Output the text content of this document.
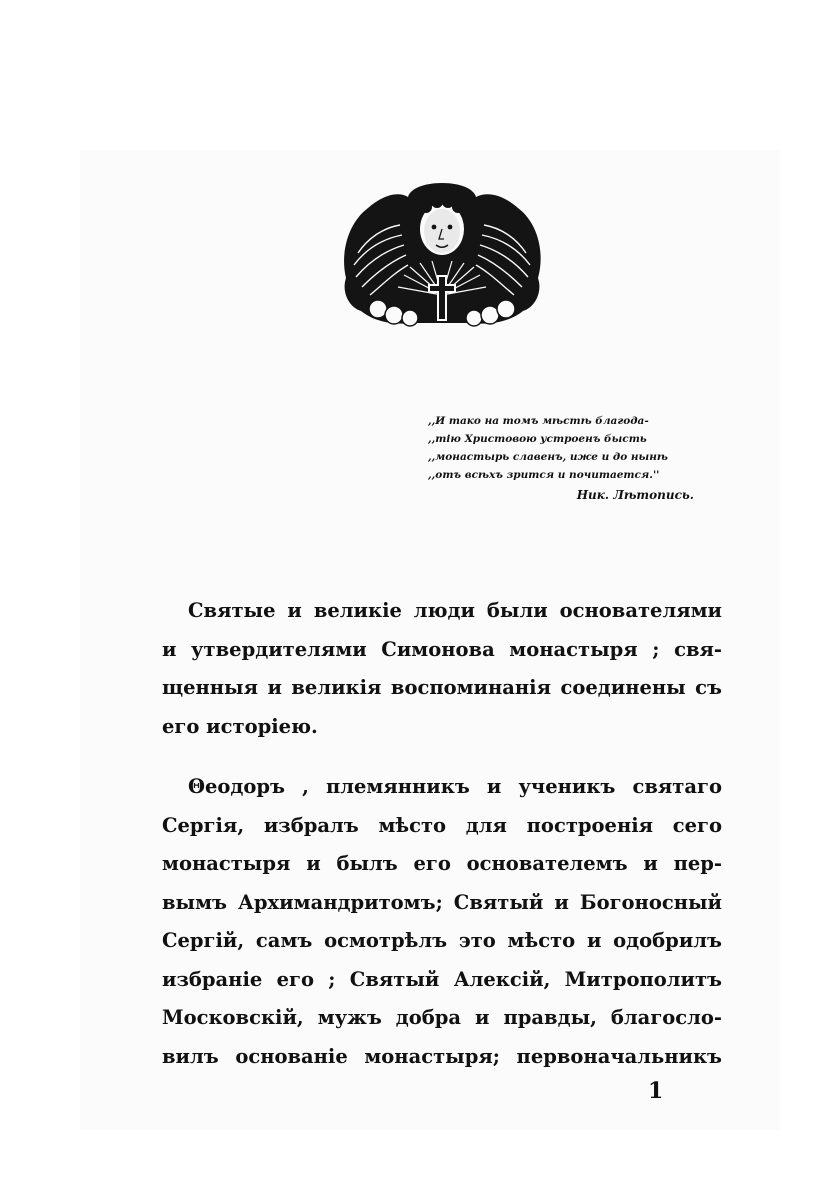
,,И тако на томъ мѣстѣ благода-
,,тію Христовою устроенъ бысть
,,монастырь славенъ, иже и до нынѣ
,,отъ всѣхъ зрится и почитается.''
Ник. Лѣтопись.

Святые и великіе люди были основателями
и утвердителями Симонова монастыря ; свя-
щенныя и великія воспоминанія соединены съ
его исторіею.

Θеодоръ , племянникъ и ученикъ святаго
Сергія, избралъ мѣсто для построенія сего
монастыря и былъ его основателемъ и пер-
вымъ Архимандритомъ; Святый и Богоносный
Сергій, самъ осмотрѣлъ это мѣсто и одобрилъ
избраніе его ; Святый Алексій, Митрополитъ
Московскій, мужъ добра и правды, благосло-
вилъ основаніе монастыря; первоначальникъ

1
